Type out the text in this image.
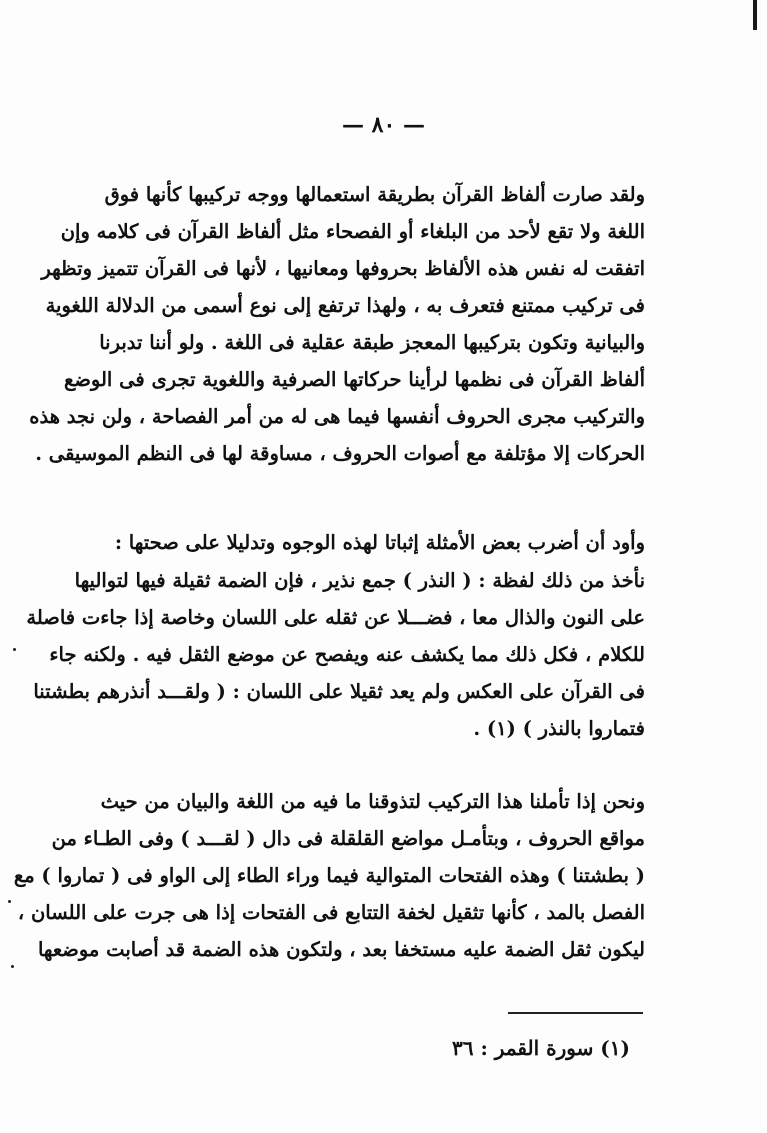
— ٨٠ —
ولقد صارت ألفاظ القرآن بطريقة استعمالها ووجه تركيبها كأنها فوق
اللغة ولا تقع لأحد من البلغاء أو الفصحاء مثل ألفاظ القرآن فى كلامه وإن
اتفقت له نفس هذه الألفاظ بحروفها ومعانيها ، لأنها فى القرآن تتميز وتظهر
فى تركيب ممتنع فتعرف به ، ولهذا ترتفع إلى نوع أسمى من الدلالة اللغوية
والبيانية وتكون بتركيبها المعجز طبقة عقلية فى اللغة . ولو أننا تدبرنا
ألفاظ القرآن فى نظمها لرأينا حركاتها الصرفية واللغوية تجرى فى الوضع
والتركيب مجرى الحروف أنفسها فيما هى له من أمر الفصاحة ، ولن نجد هذه
الحركات إلا مؤتلفة مع أصوات الحروف ، مساوقة لها فى النظم الموسيقى .
وأود أن أضرب بعض الأمثلة إثباتا لهذه الوجوه وتدليلا على صحتها :
نأخذ من ذلك لفظة : ( النذر ) جمع نذير ، فإن الضمة ثقيلة فيها لتواليها
على النون والذال معا ، فضـــلا عن ثقله على اللسان وخاصة إذا جاءت فاصلة
للكلام ، فكل ذلك مما يكشف عنه ويفصح عن موضع الثقل فيه . ولكنه جاء
فى القرآن على العكس ولم يعد ثقيلا على اللسان : ( ولقـــد أنذرهم بطشتنا
فتماروا بالنذر ) (١) .
ونحن إذا تأملنا هذا التركيب لتذوقنا ما فيه من اللغة والبيان من حيث
مواقع الحروف ، وبتأمـل مواضع القلقلة فى دال ( لقـــد ) وفى الطـاء من
( بطشتنا ) وهذه الفتحات المتوالية فيما وراء الطاء إلى الواو فى ( تماروا ) مع
الفصل بالمد ، كأنها تثقيل لخفة التتابع فى الفتحات إذا هى جرت على اللسان ،
ليكون ثقل الضمة عليه مستخفا بعد ، ولتكون هذه الضمة قد أصابت موضعها
(١) سورة القمر : ٣٦
